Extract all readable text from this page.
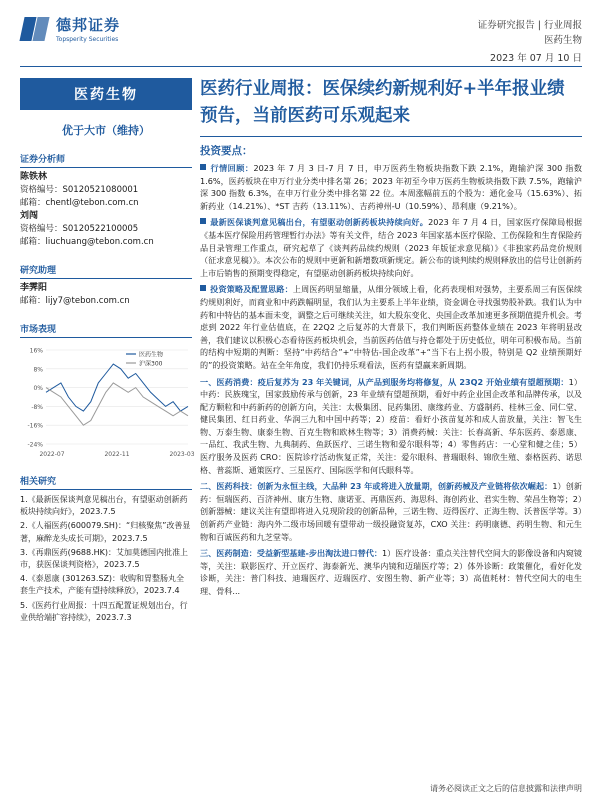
德邦证券
Topsperity Securities
证券研究报告 | 行业周报
医药生物
2023 年 07 月 10 日
医药生物
优于大市（维持）
证券分析师
陈铁林
资格编号：S0120521080001
邮箱：chentl@tebon.com.cn
刘闯
资格编号：S0120522100005
邮箱：liuchuang@tebon.com.cn
研究助理
李霁阳
邮箱：lijy7@tebon.com.cn
市场表现
16%
8%
0%
-8%
-16%
-24%
2022-07	2022-11	2023-03
医药生物
沪深300
相关研究
1.《最新医保谈判意见稿出台，有望驱动创新药板块持续向好》，2023.7.5
2.《人福医药(600079.SH)：“归核聚焦”改善显著，麻醉龙头成长可期》，2023.7.5
3.《再鼎医药(9688.HK)：艾加莫德国内批准上市，获医保谈判资格》，2023.7.5
4.《泰恩康 (301263.SZ)：收购和胃整肠丸全套生产技术，产能有望持续释放》，2023.7.4
5.《医药行业周报：十四五配置证规划出台，行业供给端扩容持续》，2023.7.3
医药行业周报：医保续约新规利好+半年报业绩预告，当前医药可乐观起来
投资要点：
行情回顾：2023 年 7 月 3 日-7 月 7 日，申万医药生物板块指数下跌 2.1%，跑输沪深 300 指数 1.6%，医药板块在申万行业分类中排名第 26；2023 年初至今申万医药生物板块指数下跌 7.5%，跑输沪深 300 指数 6.3%，在申万行业分类中排名第 22 位。本周涨幅前五的个股为：通化金马（15.63%）、拓新药业（14.21%）、*ST 吉药（13.11%）、吉药神州-U（10.59%）、昂利康（9.21%）。
最新医保谈判意见稿出台，有望驱动创新药板块持续向好。2023 年 7 月 4 日，国家医疗保障局根据《基本医疗保险用药管理暂行办法》等有关文件，结合 2023 年国家基本医疗保险、工伤保险和生育保险药品目录管理工作重点，研究起草了《谈判药品续约规则（2023 年版征求意见稿）》《非独家药品竞价规则（征求意见稿）》。本次公布的规则中更新和新增数项新规定。新公布的谈判续约规则释放出的信号让创新药上市后销售的预期变得稳定，有望驱动创新药板块持续向好。
投资策略及配置思路：上周医药明显缩量，从细分领域上看，化药表现相对强势，主要系周三有医保续约规则利好，而商业和中药跌幅明显，我们认为主要系上半年业绩，资金调仓寻找强势股补跌。我们认为中药和中特估的基本面未变，调整之后可继续关注，如大股东变化、央国企改革加速更多预期值提升机会。考虑到 2022 年行业估值底，在 22Q2 之后复苏的大背景下，我们判断医药整体业绩在 2023 年将明显改善，我们建议以积极心态看待医药板块机会，当前医药估值与持仓都处于历史低位，明年可积极布局。当前的结构中短期的判断：坚持“中药结合”+“中特估-国企改革”+“当下右上拐小股，特别是 Q2 业绩预期好的”的投资策略。站在全年角度，我们仍持乐观看法，医药有望赢来新周期。
一、医药消费：疫后复苏为 23 年关键词，从产品到服务均将修复，从 23Q2 开始业绩有望超预期：1）中药：民族瑰宝，国家鼓励传承与创新，23 年业绩有望超预期，看好中药企业国企改革和品牌传承，以及配方颗粒和中药新药的创新方向，关注：太极集团、昆药集团、康缘药业、方盛制药、桂林三金、同仁堂、健民集团、红日药业、华润三九和中国中药等；2）疫苗：看好小孩苗复苏和成人苗放量，关注：智飞生物、万泰生物、康泰生物、百克生物和欧林生物等；3）消费药械：关注：长春高新、华东医药、泰恩康、一品红、我武生物、九典制药、鱼跃医疗、三诺生物和爱尔眼科等；4）零售药店：一心堂和健之佳；5）医疗服务及医药 CRO：医院诊疗活动恢复正常，关注：爱尔眼科、普瑞眼科、锦欣生殖、泰格医药、诺思格、普蕊斯、通策医疗、三星医疗、国际医学和何氏眼科等。
二、医药科技：创新为永恒主线，大品种 23 年或将进入放量期，创新药械及产业链将依次崛起：1）创新药：恒瑞医药、百济神州、康方生物、康诺亚、再鼎医药、海思科、海创药业、君实生物、荣昌生物等；2）创新器械：建议关注有望即将进入兑现阶段的创新品种，三诺生物、迈得医疗、正海生物、沃普医学等。3）创新药产业链：海内外二级市场回暖有望带动一级投融资复苏，CXO 关注：药明康德、药明生物、和元生物和百诚医药和九芝堂等。
三、医药制造：受益新型基建-步出淘汰进口替代：1）医疗设备：重点关注替代空间大的影像设备和内窥镜等，关注：联影医疗、开立医疗、海泰新光、澳华内镜和迈瑞医疗等；2）体外诊断：政策催化，看好化发诊断，关注：普门科技、迪瑞医疗、迈瑞医疗、安图生物、新产业等；3）高值耗材：替代空间大的电生理、骨科...
请务必阅读正文之后的信息披露和法律声明
